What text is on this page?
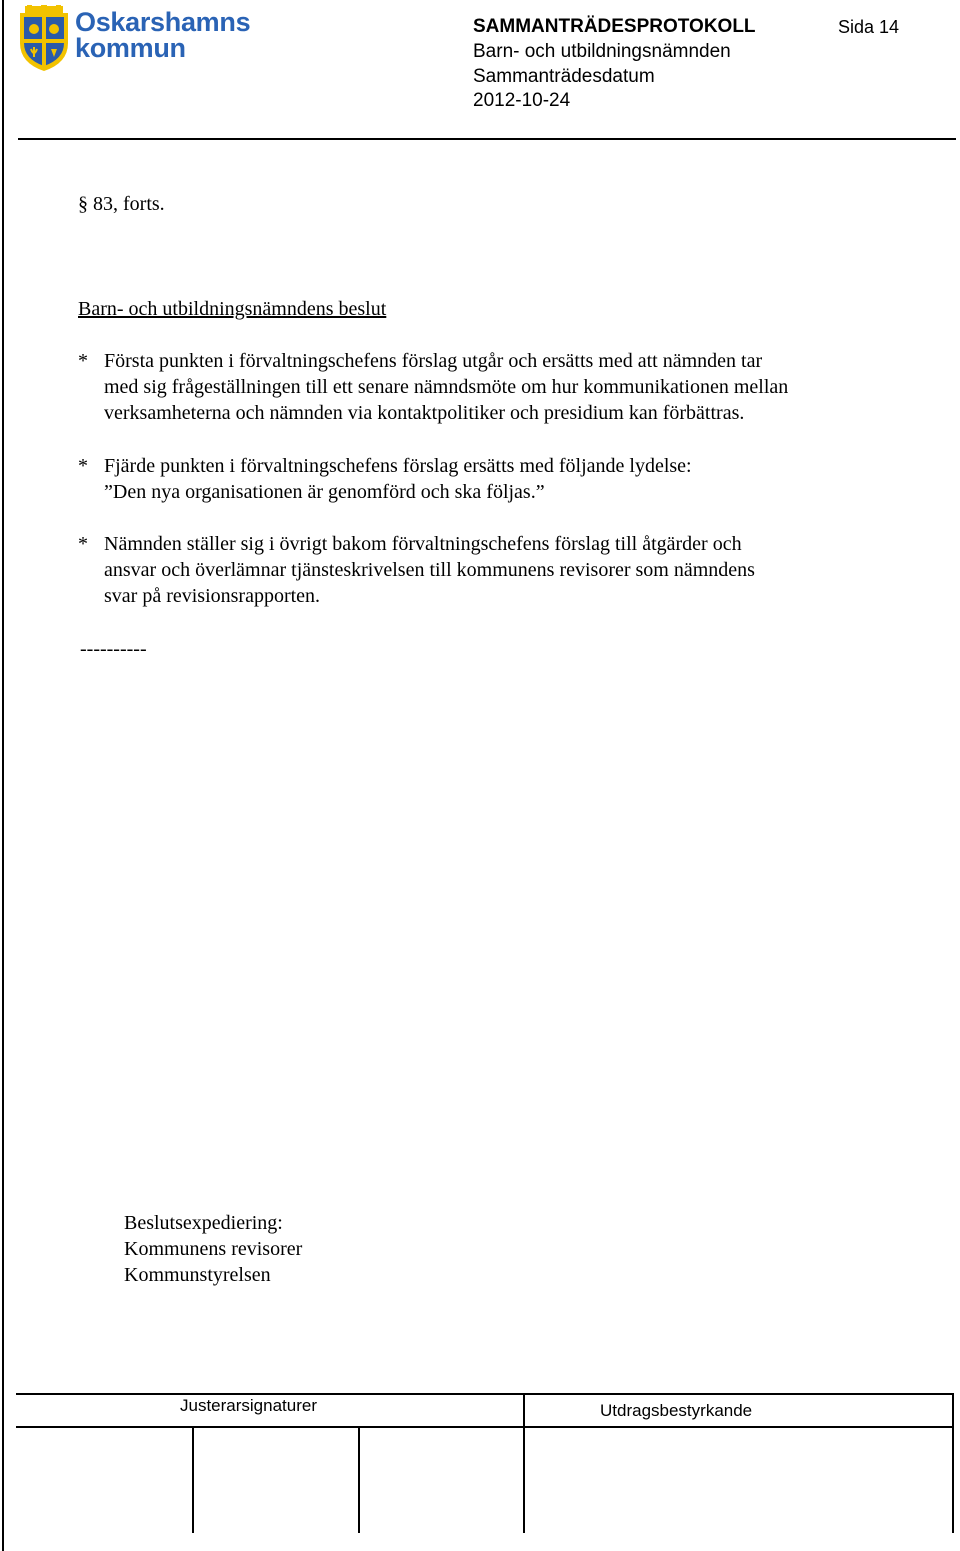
Oskarshamns
kommun
SAMMANTRÄDESPROTOKOLL	Sida 14
Barn- och utbildningsnämnden
Sammanträdesdatum
2012-10-24
§ 83, forts.
Barn- och utbildningsnämndens beslut
* Första punkten i förvaltningschefens förslag utgår och ersätts med att nämnden tar
med sig frågeställningen till ett senare nämndsmöte om hur kommunikationen mellan
verksamheterna och nämnden via kontaktpolitiker och presidium kan förbättras.
* Fjärde punkten i förvaltningschefens förslag ersätts med följande lydelse:
”Den nya organisationen är genomförd och ska följas.”
* Nämnden ställer sig i övrigt bakom förvaltningschefens förslag till åtgärder och
ansvar och överlämnar tjänsteskrivelsen till kommunens revisorer som nämndens
svar på revisionsrapporten.
----------
Beslutsexpediering:
Kommunens revisorer
Kommunstyrelsen
Justerarsignaturer	Utdragsbestyrkande
